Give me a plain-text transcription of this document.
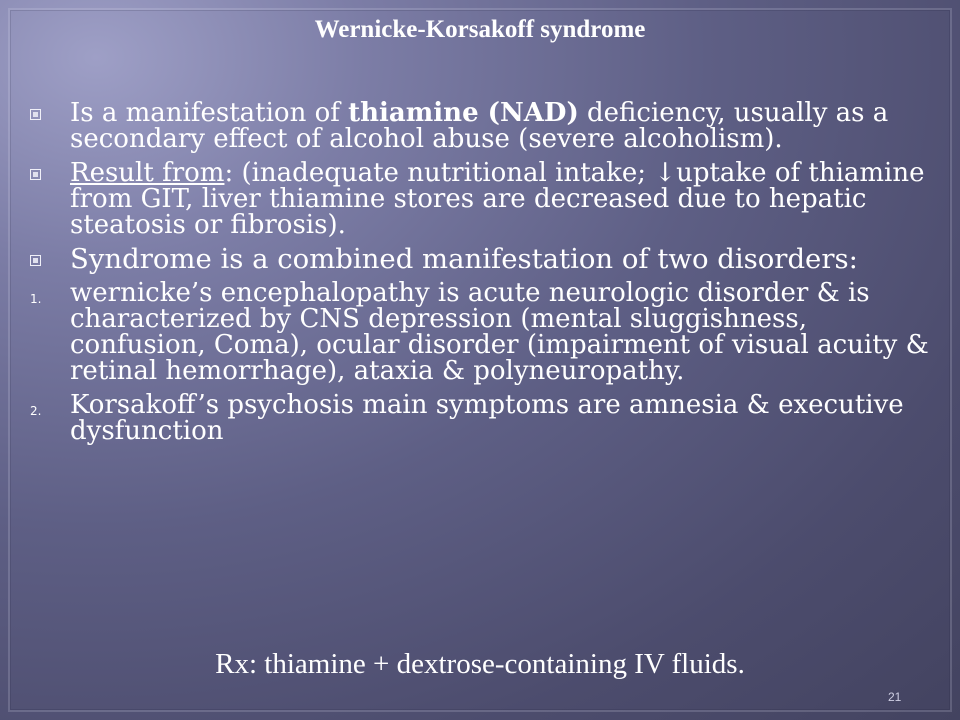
Wernicke-Korsakoff syndrome
Is a manifestation of thiamine (NAD) deficiency, usually as a secondary effect of alcohol abuse (severe alcoholism).
Result from: (inadequate nutritional intake; ↓uptake of thiamine from GIT, liver thiamine stores are decreased due to hepatic steatosis or fibrosis).
Syndrome is a combined manifestation of two disorders:
1. wernicke’s encephalopathy is acute neurologic disorder & is characterized by CNS depression (mental sluggishness, confusion, Coma), ocular disorder (impairment of visual acuity & retinal hemorrhage), ataxia & polyneuropathy.
2. Korsakoff’s psychosis main symptoms are amnesia & executive dysfunction
Rx: thiamine + dextrose-containing IV fluids.
21
